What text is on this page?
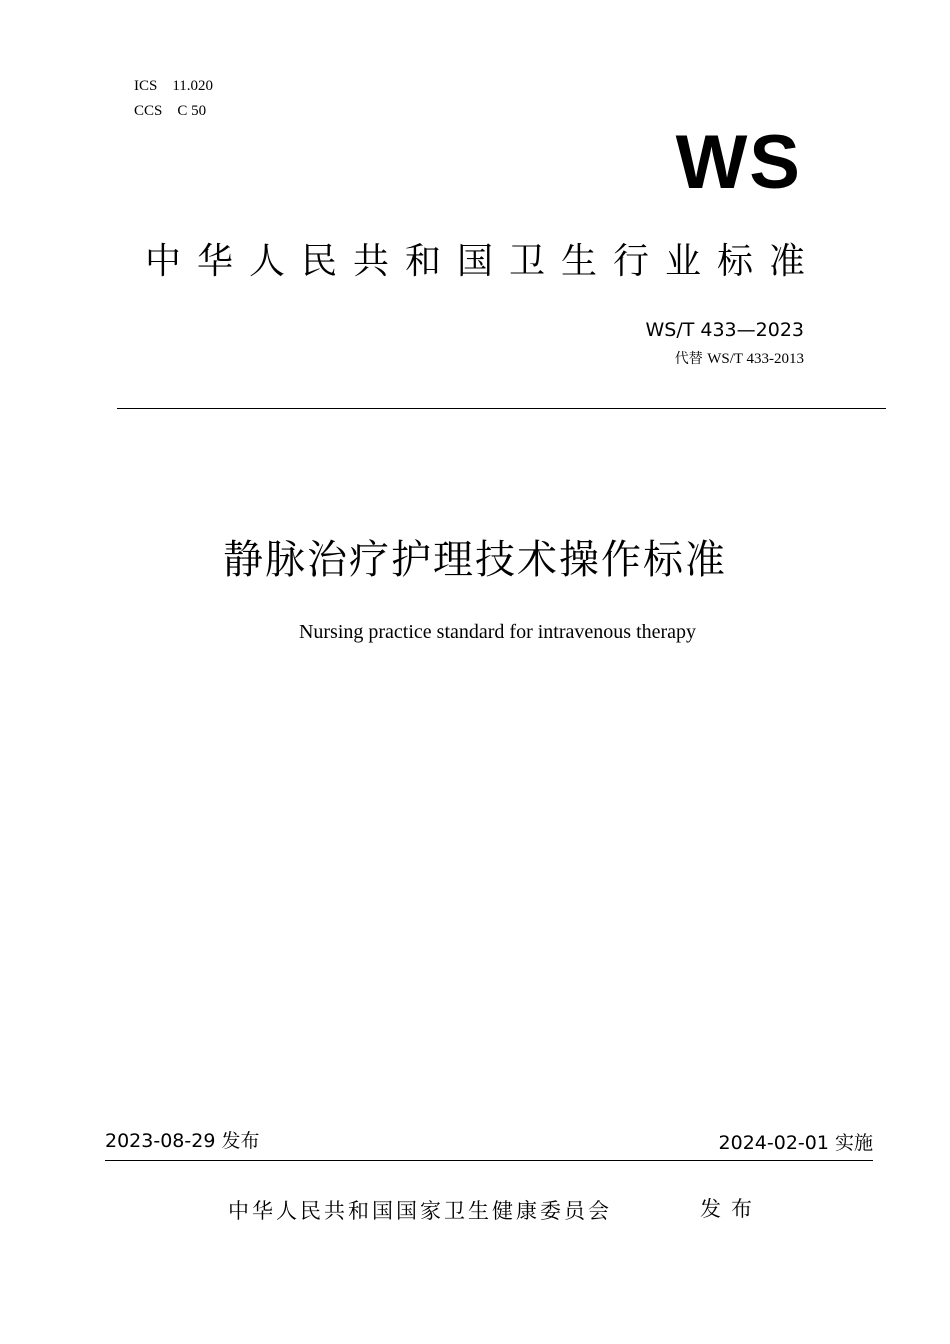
ICS　11.020
CCS　C 50
WS
中华人民共和国卫生行业标准
WS/T 433—2023
代替 WS/T 433-2013
静脉治疗护理技术操作标准
Nursing practice standard for intravenous therapy
2023-08-29 发布	2024-02-01 实施
中华人民共和国国家卫生健康委员会	发布
